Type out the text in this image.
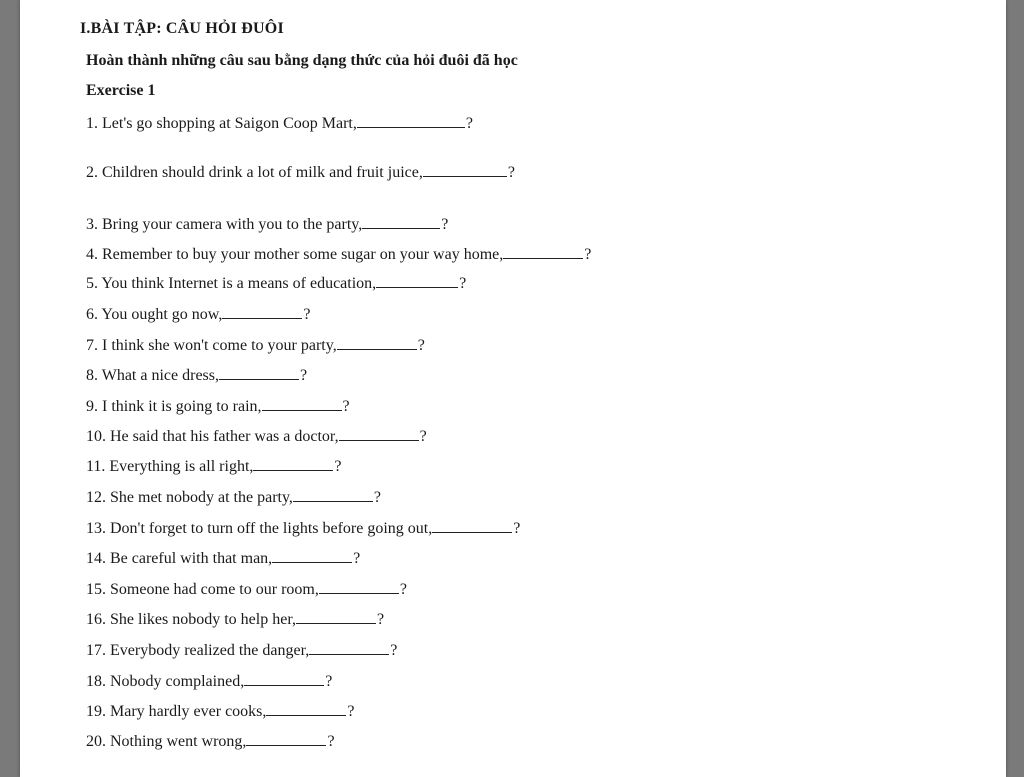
I.BÀI TẬP: CÂU HỎI ĐUÔI
Hoàn thành những câu sau bằng dạng thức của hỏi đuôi đã học
Exercise 1
1. Let's go shopping at Saigon Coop Mart,	?
2. Children should drink a lot of milk and fruit juice,	?
3. Bring your camera with you to the party,	?
4. Remember to buy your mother some sugar on your way home,	?
5. You think Internet is a means of education,	?
6. You ought go now,	?
7. I think she won't come to your party,	?
8. What a nice dress,	?
9. I think it is going to rain,	?
10. He said that his father was a doctor,	?
11. Everything is all right,	?
12. She met nobody at the party,	?
13. Don't forget to turn off the lights before going out,	?
14. Be careful with that man,	?
15. Someone had come to our room,	?
16. She likes nobody to help her,	?
17. Everybody realized the danger,	?
18. Nobody complained,	?
19. Mary hardly ever cooks,	?
20. Nothing went wrong,	?
